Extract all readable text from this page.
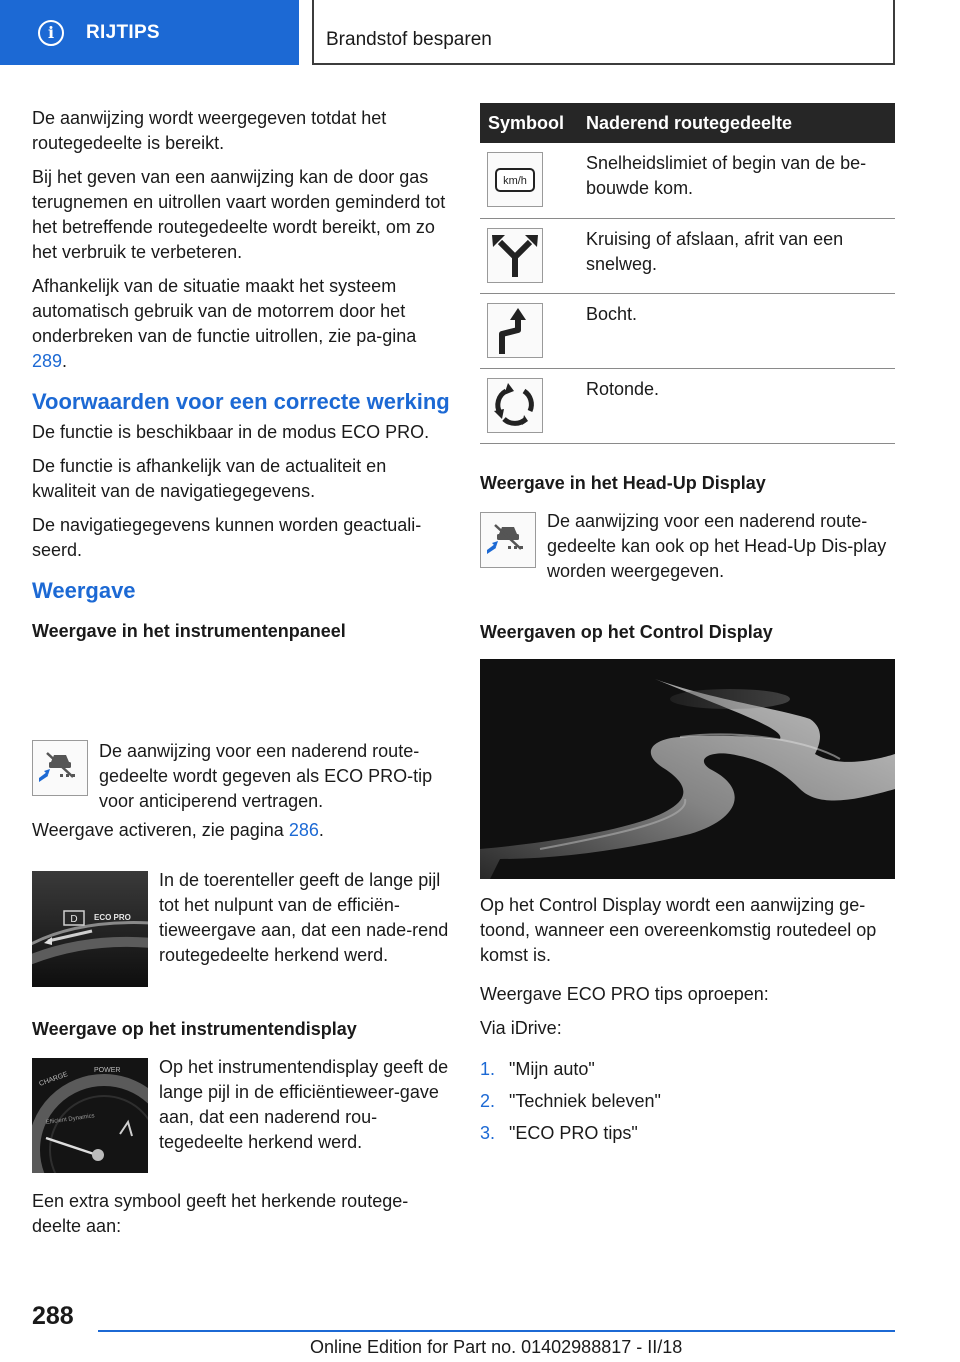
i	RIJTIPS	Brandstof besparen

De aanwijzing wordt weergegeven totdat het routegedeelte is bereikt.

Bij het geven van een aanwijzing kan de door gas terugnemen en uitrollen vaart worden geminderd tot het betreffende routegedeelte wordt bereikt, om zo het verbruik te verbeteren.

Afhankelijk van de situatie maakt het systeem automatisch gebruik van de motorrem door het onderbreken van de functie uitrollen, zie pa-gina 289.

Voorwaarden voor een correcte werking

De functie is beschikbaar in de modus ECO PRO.

De functie is afhankelijk van de actualiteit en kwaliteit van de navigatiegegevens.

De navigatiegegevens kunnen worden geactuali-seerd.

Weergave
Weergave in het instrumentenpaneel

De aanwijzing voor een naderend route-gedeelte wordt gegeven als ECO PRO-tip voor anticiperend vertragen.

Weergave activeren, zie pagina 286.

D ECO PRO

In de toerenteller geeft de lange pijl tot het nulpunt van de efficiën-tieweergave aan, dat een nade-rend routegedeelte herkend werd.

Weergave op het instrumentendisplay
CHARGE
POWER
Efficient Dynamics

Op het instrumentendisplay geeft de lange pijl in de efficiëntieweer-gave aan, dat een naderend rou-tegedeelte herkend werd.

Een extra symbool geeft het herkende routege-deelte aan:

Symbool Naderend routegedeelte
km/h
Snelheidslimiet of begin van de be-bouwde kom.
Kruising of afslaan, afrit van een snelweg.
Bocht.
Rotonde.
Weergave in het Head-Up Display

De aanwijzing voor een naderend route-gedeelte kan ook op het Head-Up Dis-play worden weergegeven.

Weergaven op het Control Display

Op het Control Display wordt een aanwijzing ge-toond, wanneer een overeenkomstig routedeel op komst is.

Weergave ECO PRO tips oproepen:

Via iDrive:

1. "Mijn auto"
2. "Techniek beleven"
3. "ECO PRO tips"
288
Online Edition for Part no. 01402988817 - II/18
